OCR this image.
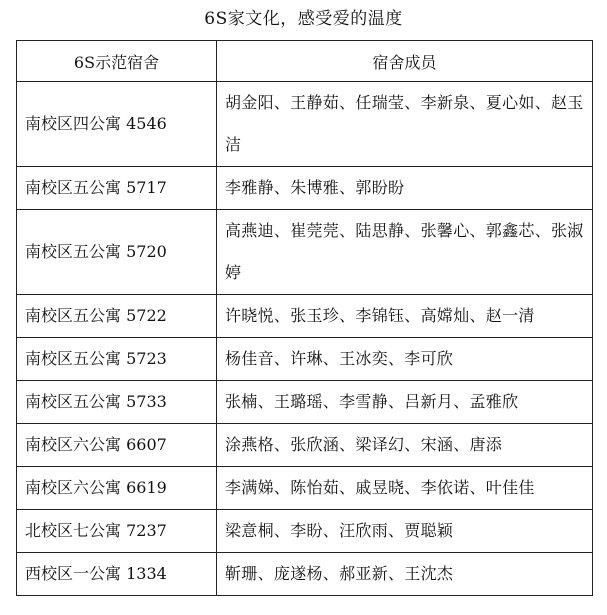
6S家文化，感受爱的温度
6S示范宿舍	宿舍成员
南校区四公寓 4546	胡金阳、王静茹、任瑞莹、李新泉、夏心如、赵玉洁
南校区五公寓 5717	李雅静、朱博雅、郭盼盼
南校区五公寓 5720	高燕迪、崔莞莞、陆思静、张馨心、郭鑫芯、张淑婷
南校区五公寓 5722	许晓悦、张玉珍、李锦钰、高嫦灿、赵一清
南校区五公寓 5723	杨佳音、许琳、王冰奕、李可欣
南校区五公寓 5733	张楠、王璐瑶、李雪静、吕新月、孟雅欣
南校区六公寓 6607	涂燕格、张欣涵、梁译幻、宋涵、唐添
南校区六公寓 6619	李满娣、陈怡茹、戚昱晓、李依诺、叶佳佳
北校区七公寓 7237	梁意桐、李盼、汪欣雨、贾聪颖
西校区一公寓 1334	靳珊、庞遂杨、郝亚新、王沈杰
